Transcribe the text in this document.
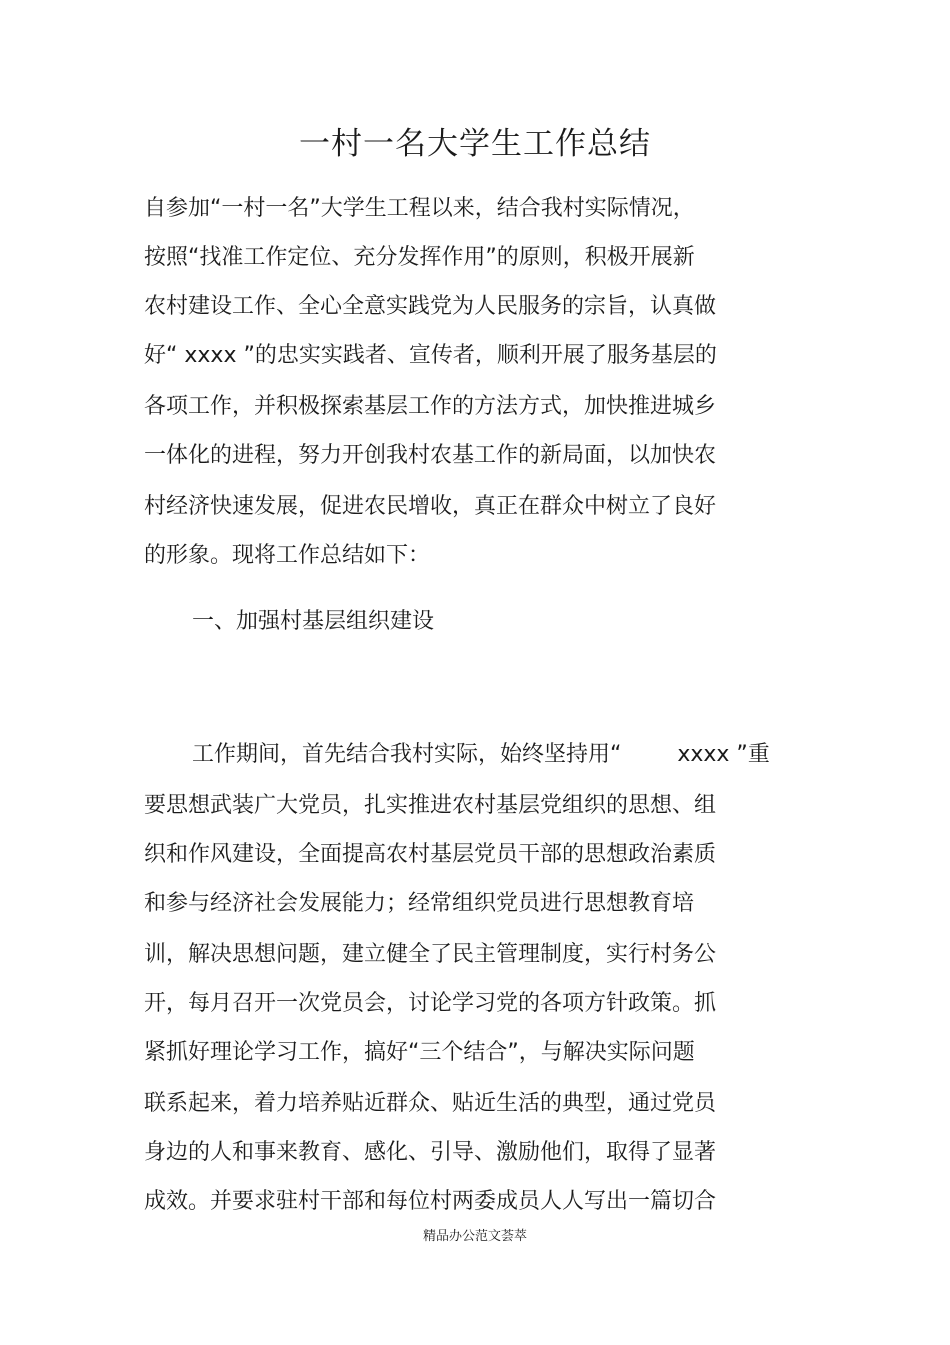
一村一名大学生工作总结

自参加“一村一名”大学生工程以来，结合我村实际情况，

按照“找准工作定位、充分发挥作用”的原则，积极开展新

农村建设工作、全心全意实践党为人民服务的宗旨，认真做

好“ xxxx ”的忠实实践者、宣传者，顺利开展了服务基层的

各项工作，并积极探索基层工作的方法方式，加快推进城乡

一体化的进程，努力开创我村农基工作的新局面，以加快农

村经济快速发展，促进农民增收，真正在群众中树立了良好

的形象。现将工作总结如下：

一、加强村基层组织建设

工作期间，首先结合我村实际，始终坚持用“        xxxx ”重

要思想武装广大党员，扎实推进农村基层党组织的思想、组

织和作风建设，全面提高农村基层党员干部的思想政治素质

和参与经济社会发展能力；经常组织党员进行思想教育培

训，解决思想问题，建立健全了民主管理制度，实行村务公

开，每月召开一次党员会，讨论学习党的各项方针政策。抓

紧抓好理论学习工作，搞好“三个结合”，与解决实际问题

联系起来，着力培养贴近群众、贴近生活的典型，通过党员

身边的人和事来教育、感化、引导、激励他们，取得了显著

成效。并要求驻村干部和每位村两委成员人人写出一篇切合

精品办公范文荟萃
